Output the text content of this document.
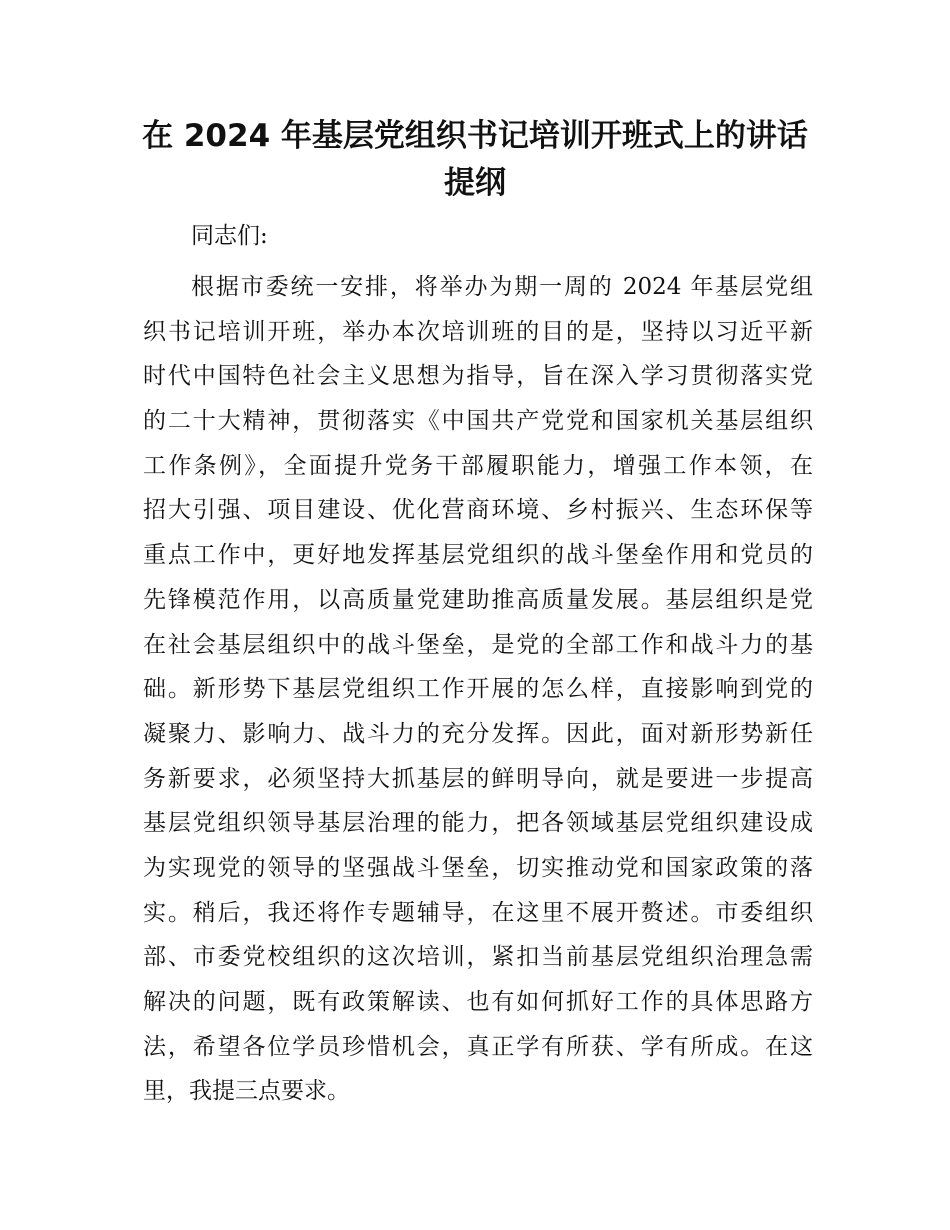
在 2024 年基层党组织书记培训开班式上的讲话
提纲

同志们:

根据市委统一安排，将举办为期一周的 2024 年基层党组
织书记培训开班，举办本次培训班的目的是，坚持以习近平新
时代中国特色社会主义思想为指导，旨在深入学习贯彻落实党
的二十大精神，贯彻落实《中国共产党党和国家机关基层组织
工作条例》，全面提升党务干部履职能力，增强工作本领，在
招大引强、项目建设、优化营商环境、乡村振兴、生态环保等
重点工作中，更好地发挥基层党组织的战斗堡垒作用和党员的
先锋模范作用，以高质量党建助推高质量发展。基层组织是党
在社会基层组织中的战斗堡垒，是党的全部工作和战斗力的基
础。新形势下基层党组织工作开展的怎么样，直接影响到党的
凝聚力、影响力、战斗力的充分发挥。因此，面对新形势新任
务新要求，必须坚持大抓基层的鲜明导向，就是要进一步提高
基层党组织领导基层治理的能力，把各领域基层党组织建设成
为实现党的领导的坚强战斗堡垒，切实推动党和国家政策的落
实。稍后，我还将作专题辅导，在这里不展开赘述。市委组织
部、市委党校组织的这次培训，紧扣当前基层党组织治理急需
解决的问题，既有政策解读、也有如何抓好工作的具体思路方
法，希望各位学员珍惜机会，真正学有所获、学有所成。在这
里，我提三点要求。
